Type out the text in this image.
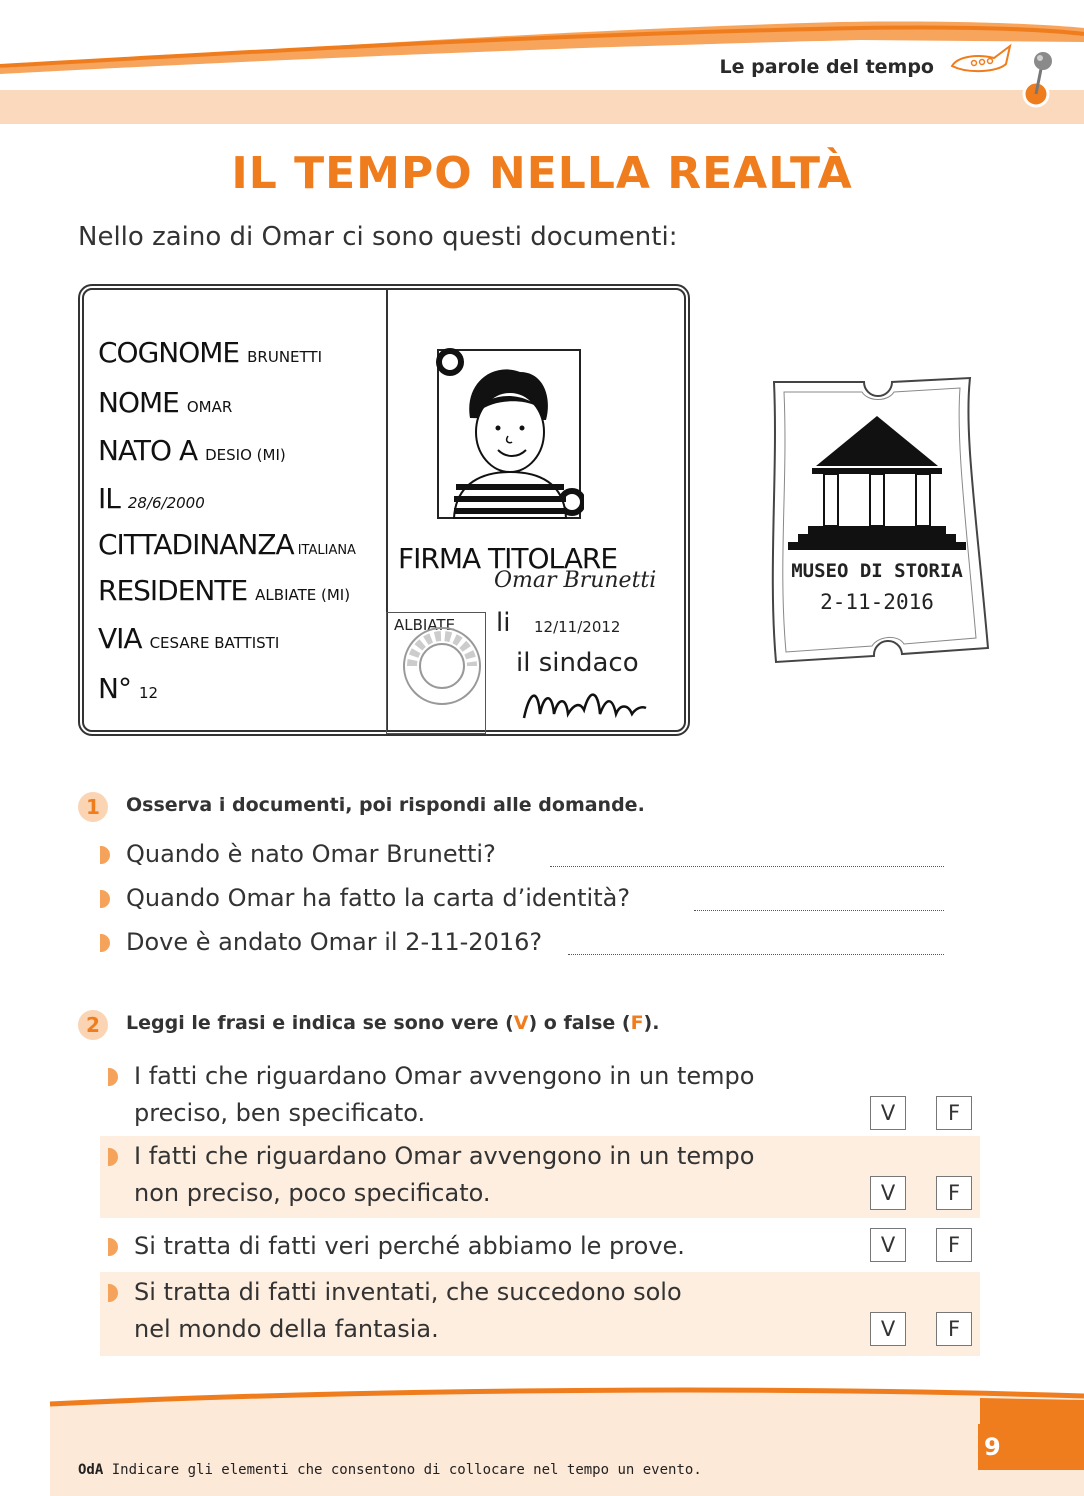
Le parole del tempo
IL TEMPO NELLA REALTÀ
Nello zaino di Omar ci sono questi documenti:
COGNOME BRUNETTI
NOME OMAR
NATO A DESIO (MI)
IL 28/6/2000
CITTADINANZA ITALIANA
RESIDENTE ALBIATE (MI)
VIA CESARE BATTISTI
N° 12
FIRMA TITOLARE
Omar Brunetti
ALBIATE li 12/11/2012
il sindaco
MUSEO DI STORIA
2-11-2016
1	Osserva i documenti, poi rispondi alle domande.
Quando è nato Omar Brunetti?
Quando Omar ha fatto la carta d’identità?
Dove è andato Omar il 2-11-2016?
2	Leggi le frasi e indica se sono vere (V) o false (F).
I fatti che riguardano Omar avvengono in un tempo
preciso, ben specificato.	V	F
I fatti che riguardano Omar avvengono in un tempo
non preciso, poco specificato.	V	F
Si tratta di fatti veri perché abbiamo le prove.	V	F
Si tratta di fatti inventati, che succedono solo
nel mondo della fantasia.	V	F
OdA Indicare gli elementi che consentono di collocare nel tempo un evento.
9
